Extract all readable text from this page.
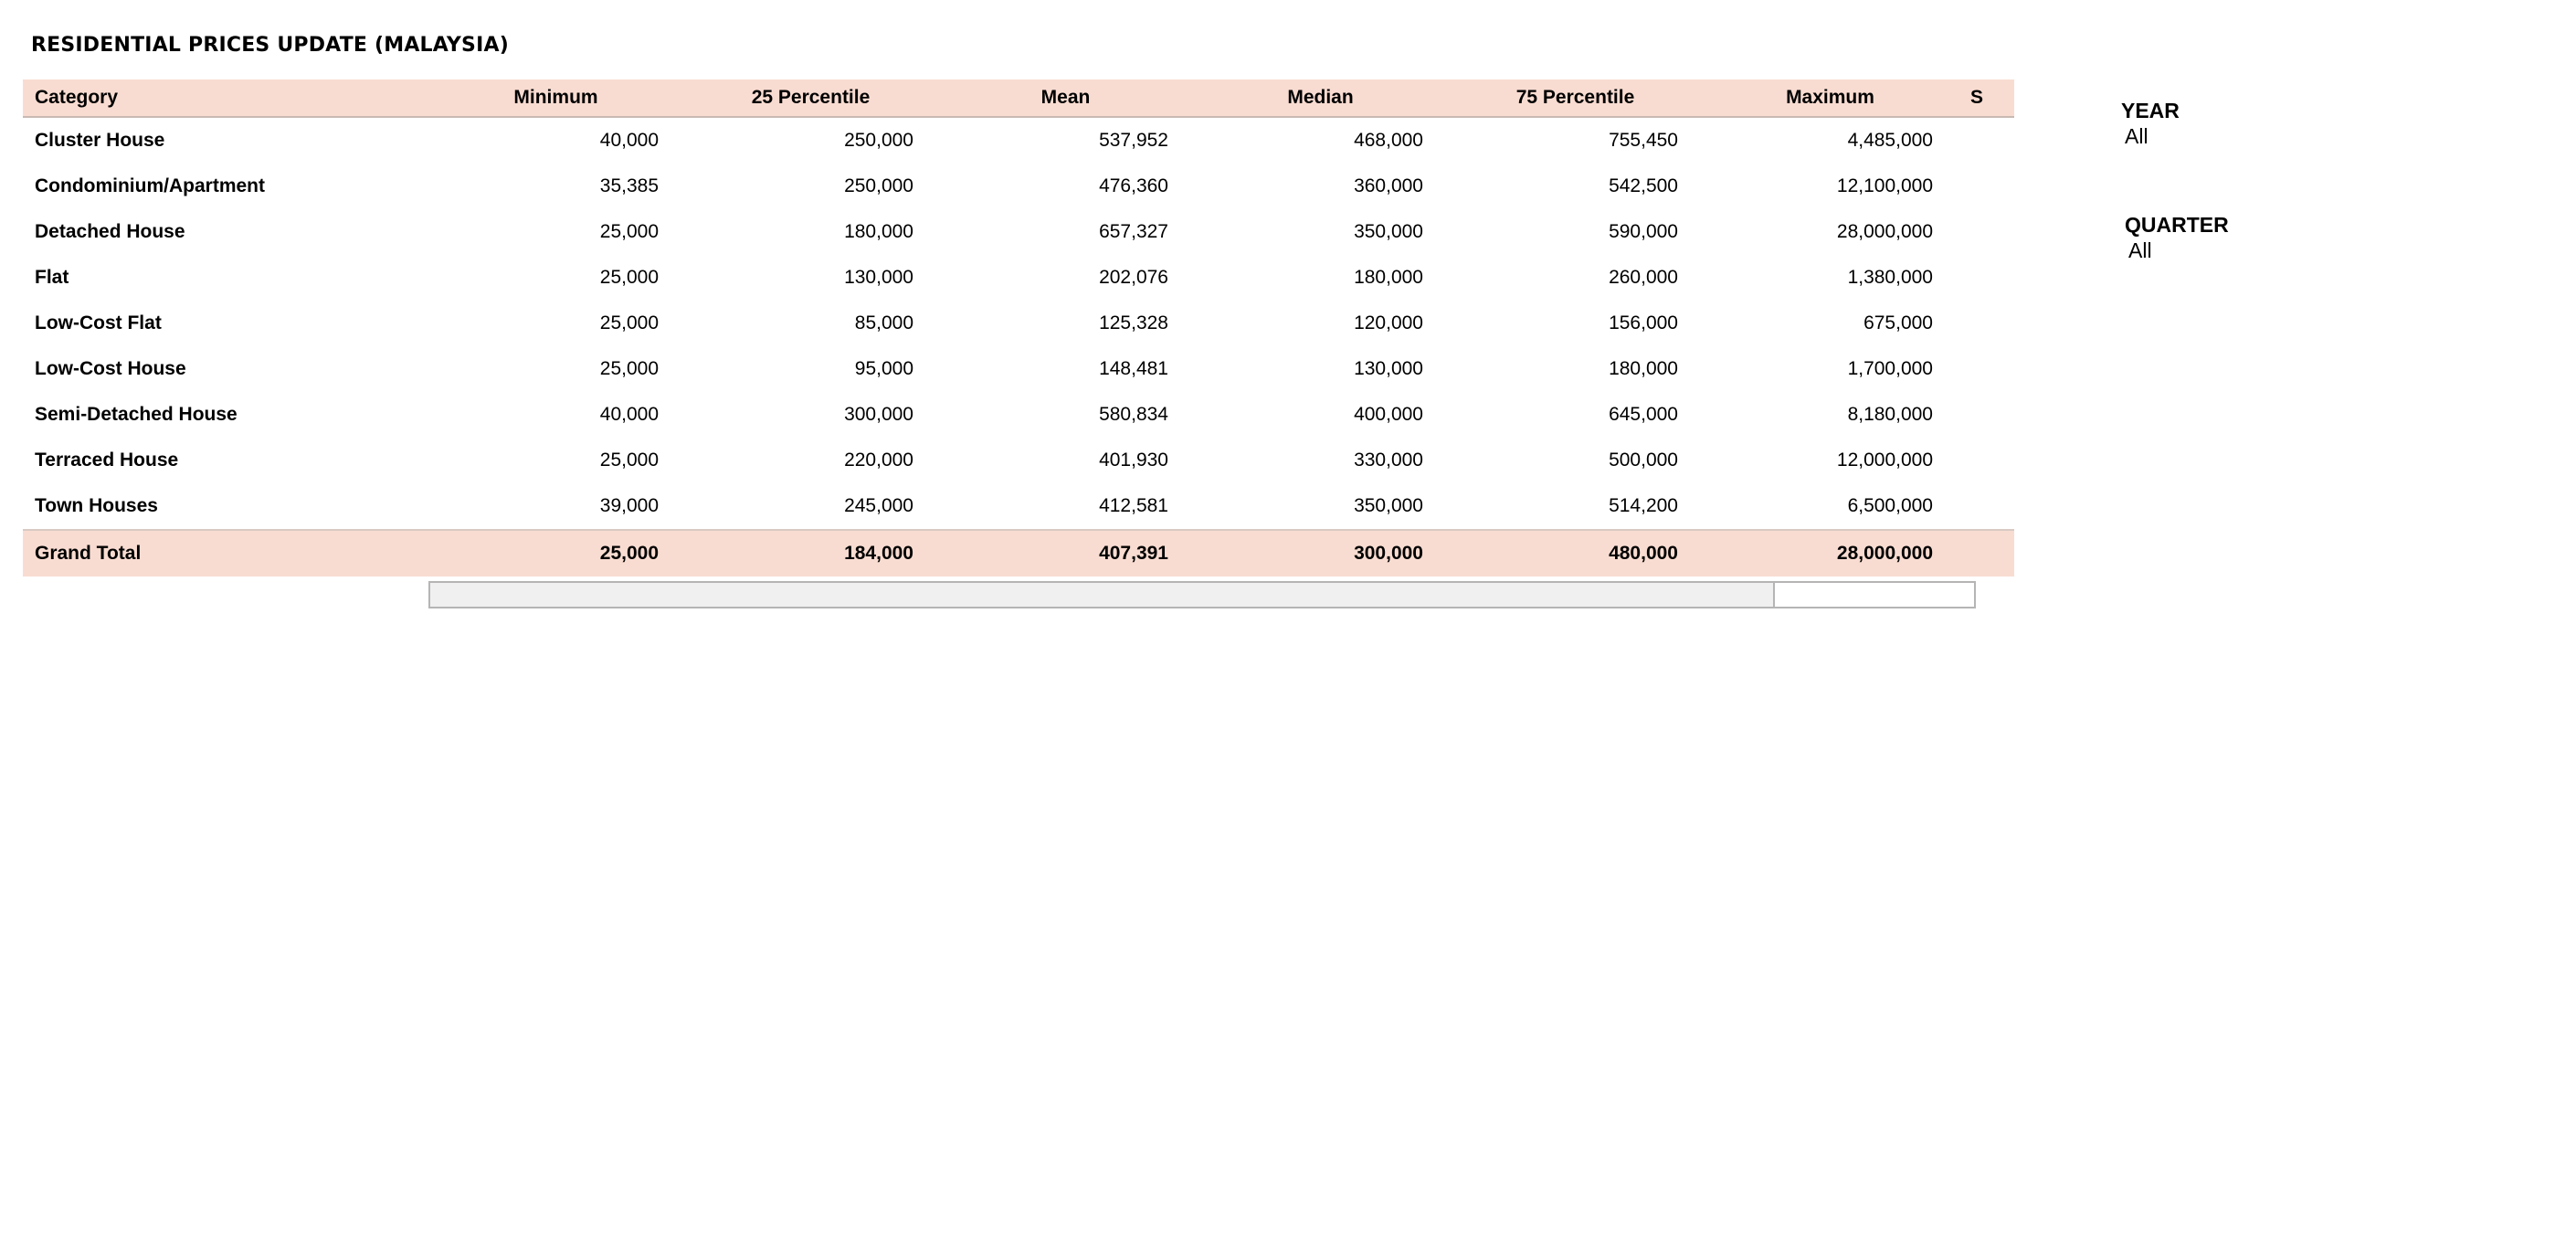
RESIDENTIAL PRICES UPDATE (MALAYSIA)
Category	Minimum	25 Percentile	Mean	Median	75 Percentile	Maximum	S
Cluster House	40,000	250,000	537,952	468,000	755,450	4,485,000	
Condominium/Apartment	35,385	250,000	476,360	360,000	542,500	12,100,000	
Detached House	25,000	180,000	657,327	350,000	590,000	28,000,000	
Flat	25,000	130,000	202,076	180,000	260,000	1,380,000	
Low-Cost Flat	25,000	85,000	125,328	120,000	156,000	675,000	
Low-Cost House	25,000	95,000	148,481	130,000	180,000	1,700,000	
Semi-Detached House	40,000	300,000	580,834	400,000	645,000	8,180,000	
Terraced House	25,000	220,000	401,930	330,000	500,000	12,000,000	
Town Houses	39,000	245,000	412,581	350,000	514,200	6,500,000	
Grand Total	25,000	184,000	407,391	300,000	480,000	28,000,000	
YEAR
All
QUARTER
All
